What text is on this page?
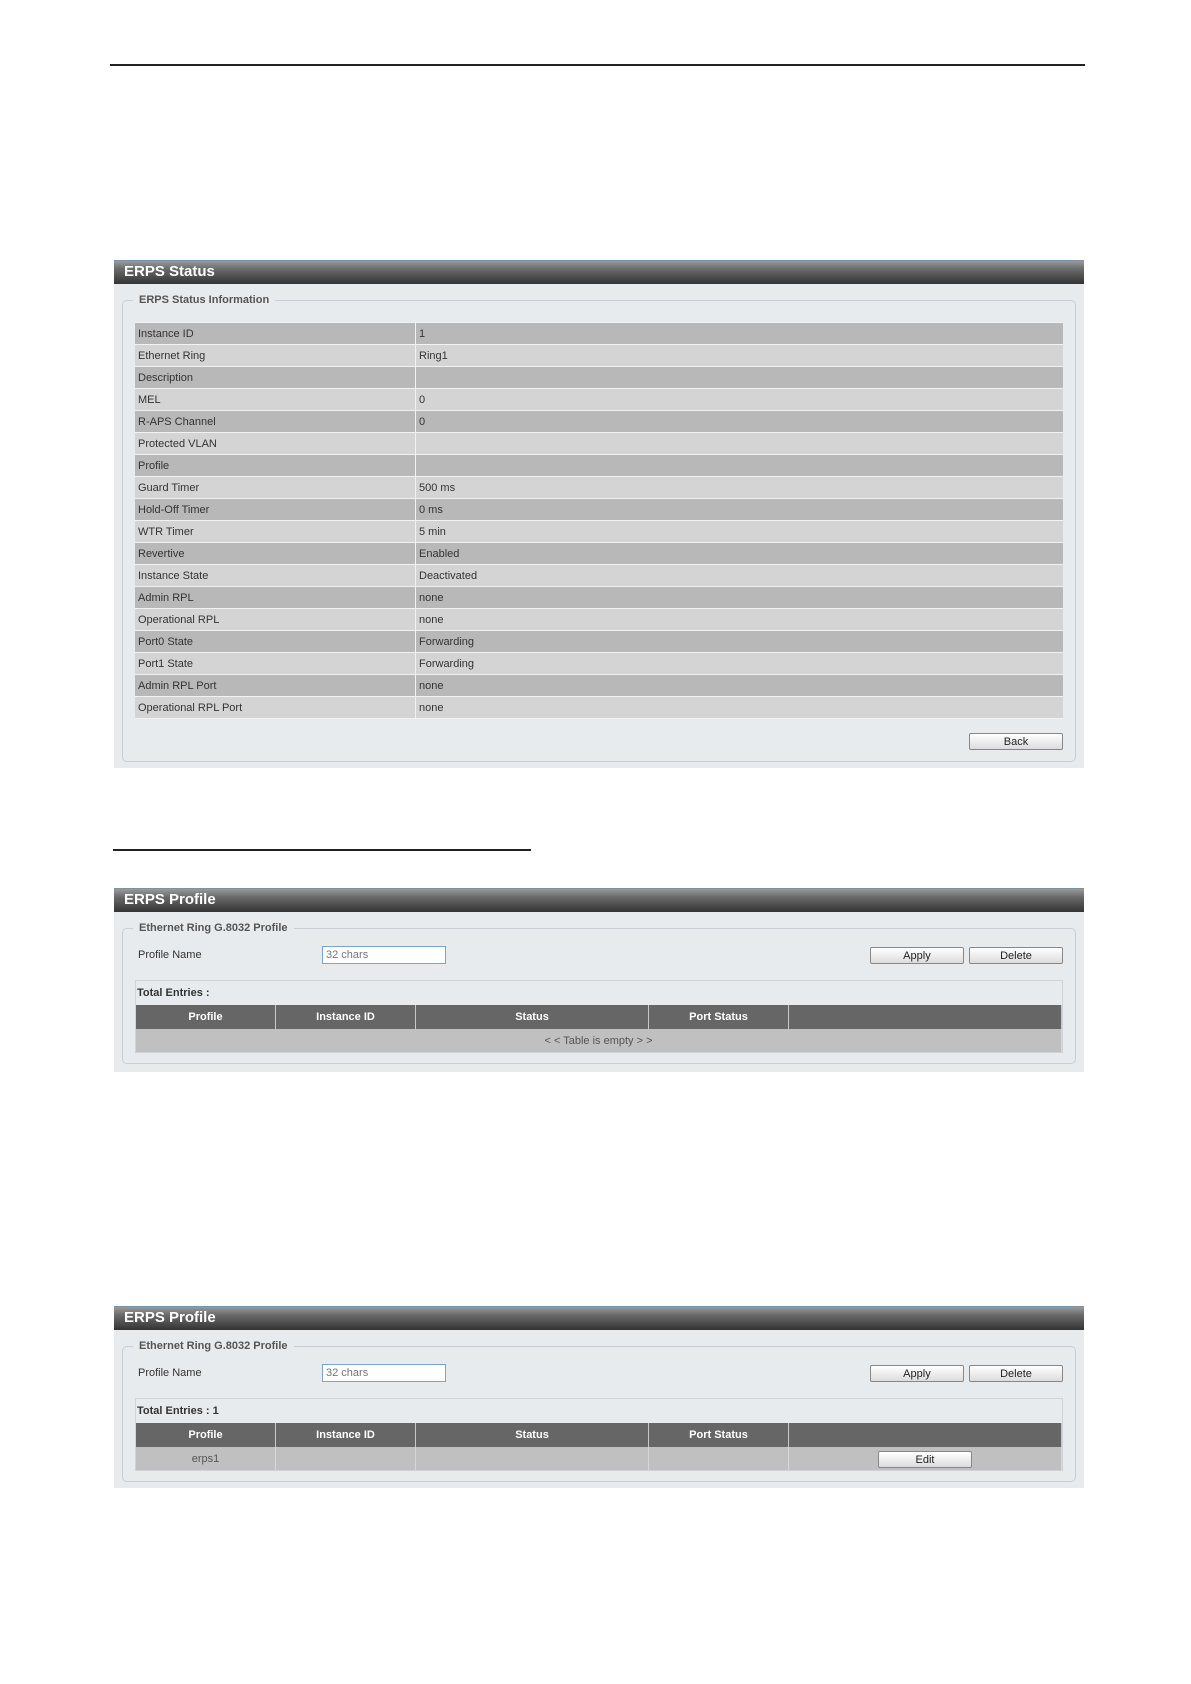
ERPS Status
ERPS Status Information
Instance ID	1
Ethernet Ring	Ring1
Description	
MEL	0
R-APS Channel	0
Protected VLAN	
Profile	
Guard Timer	500 ms
Hold-Off Timer	0 ms
WTR Timer	5 min
Revertive	Enabled
Instance State	Deactivated
Admin RPL	none
Operational RPL	none
Port0 State	Forwarding
Port1 State	Forwarding
Admin RPL Port	none
Operational RPL Port	none
Back
ERPS Profile
Ethernet Ring G.8032 Profile
Profile Name
32 chars	Apply	Delete
Total Entries :
Profile	Instance ID	Status	Port Status	
< < Table is empty > >
ERPS Profile
Ethernet Ring G.8032 Profile
Profile Name
32 chars	Apply	Delete
Total Entries : 1
Profile	Instance ID	Status	Port Status	
erps1				Edit
